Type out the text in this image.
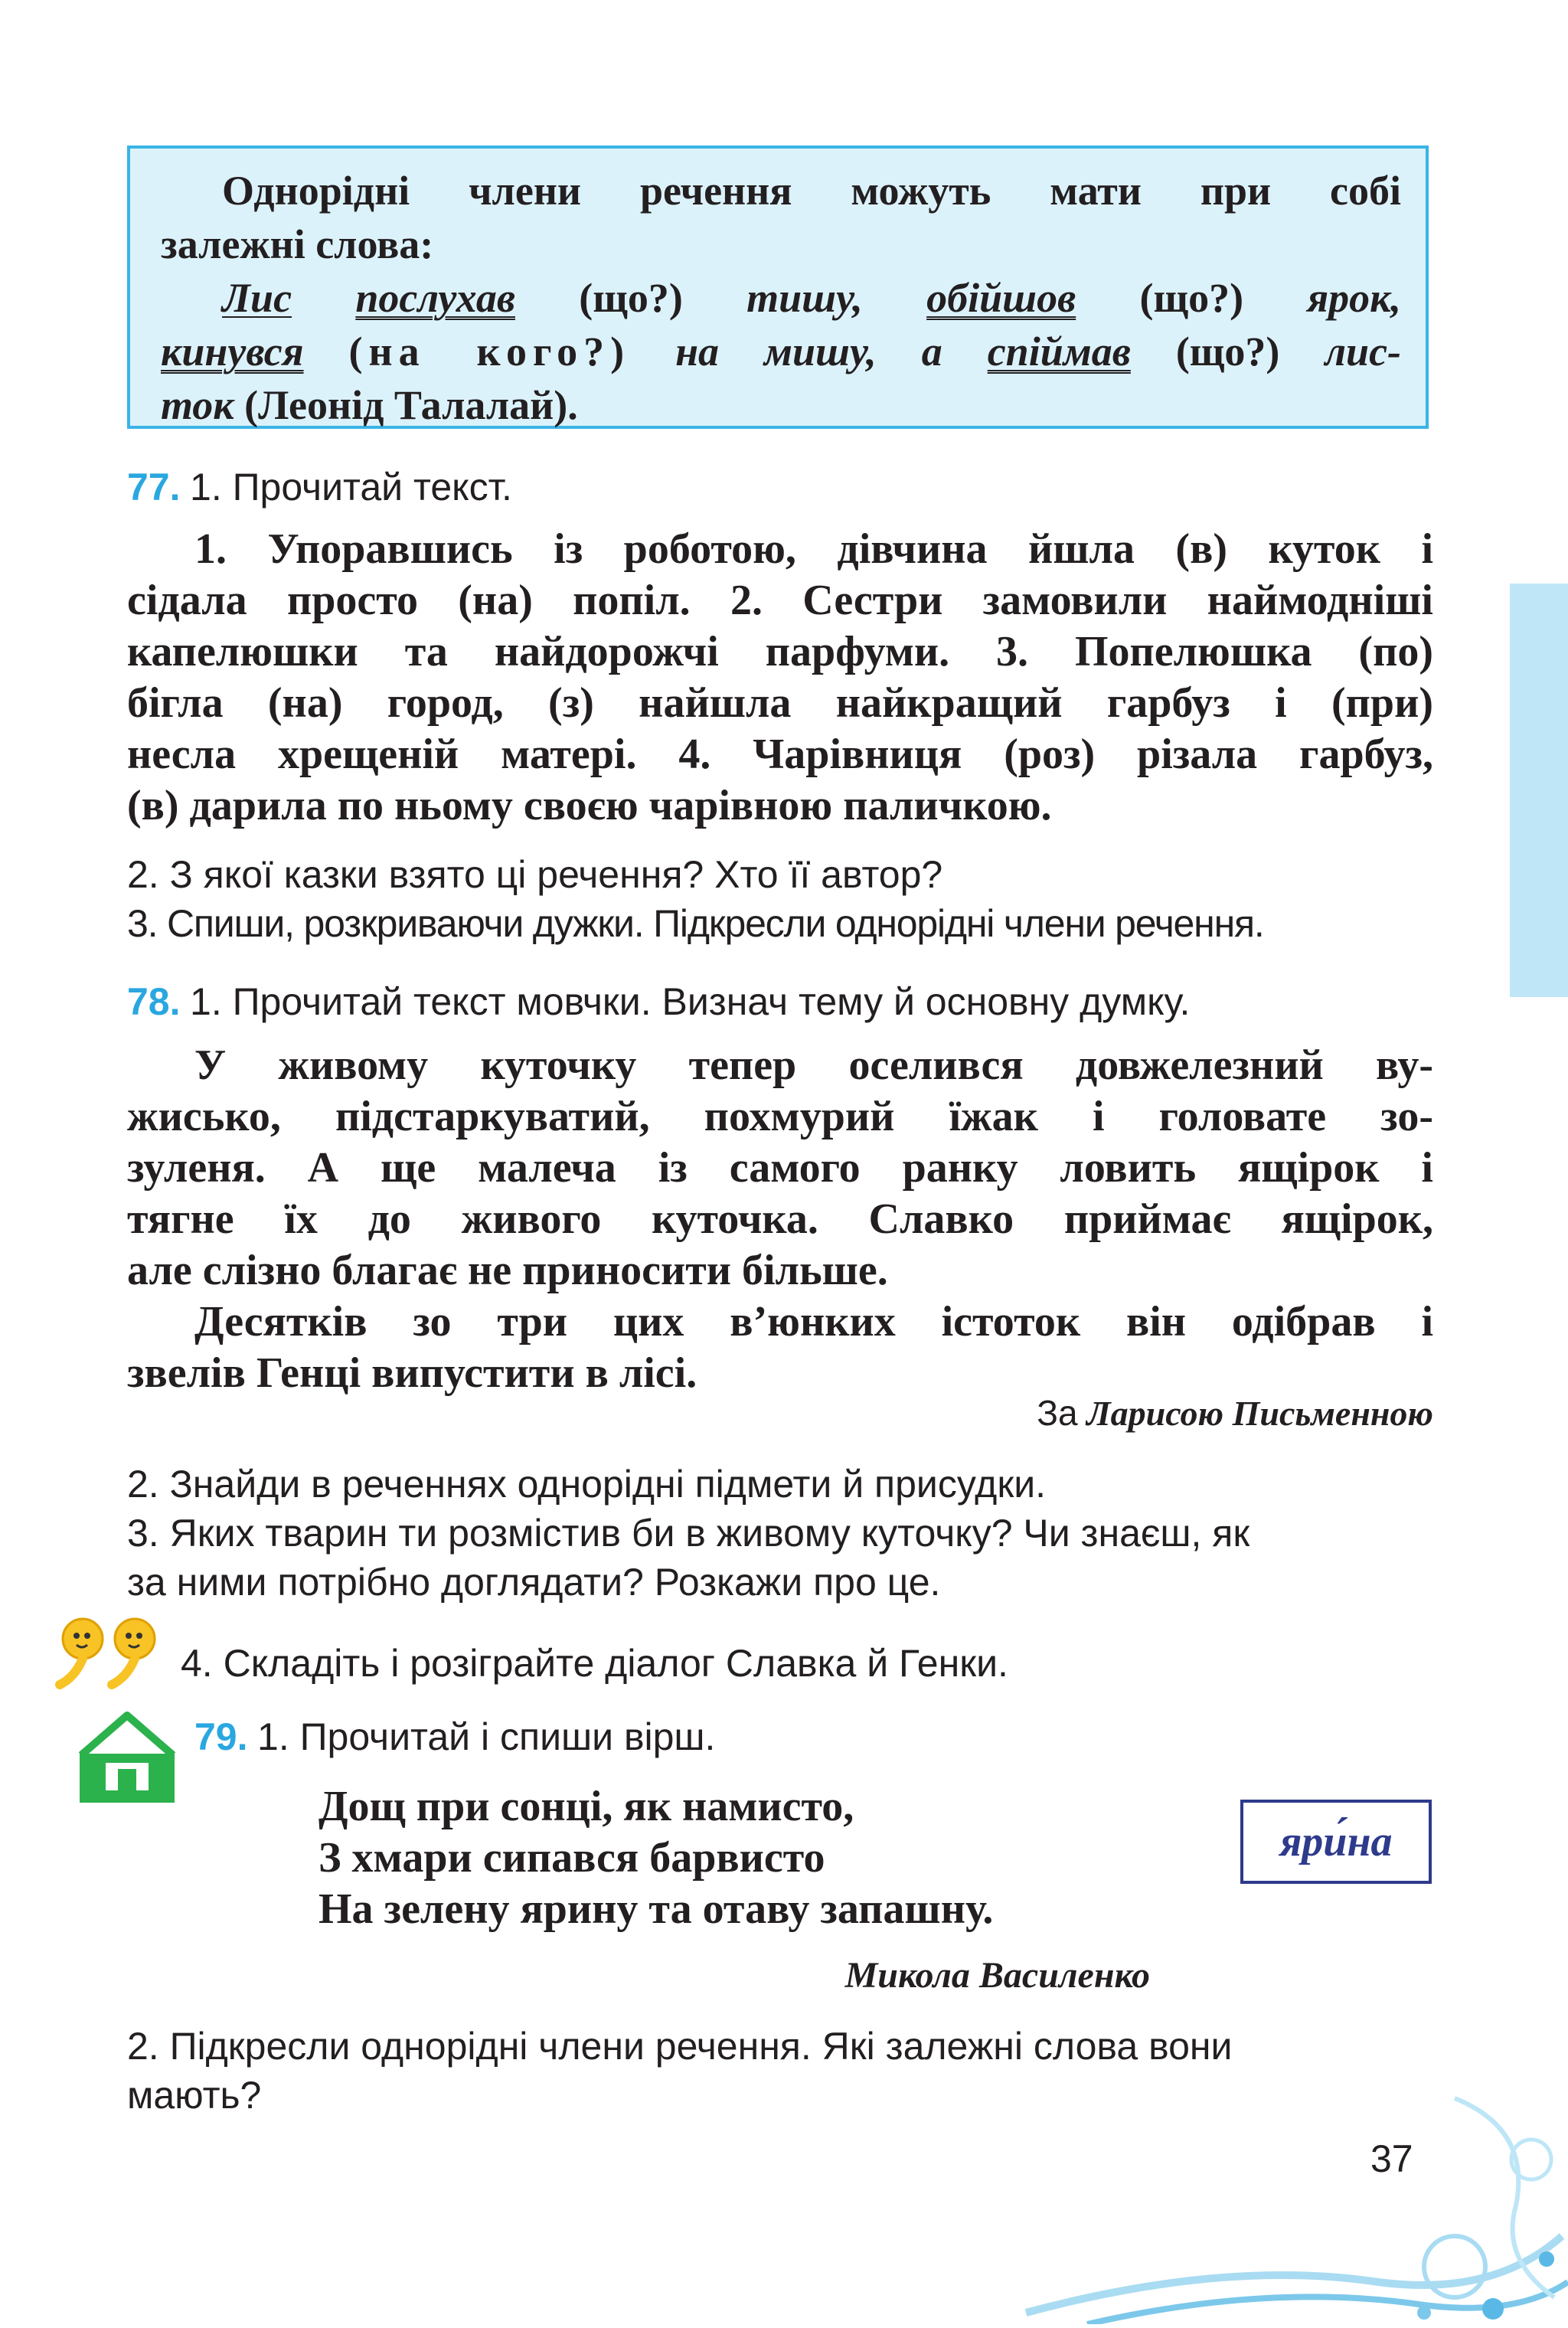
Однорідні члени речення можуть мати при собі
залежні слова:
Лис послухав (що?) тишу, обійшов (що?) ярок,
кинувся (на кого?) на мишу, а спіймав (що?) лис-
ток (Леонід Талалай).
77. 1. Прочитай текст.
1. Упоравшись із роботою, дівчина йшла (в) куток і
сідала просто (на) попіл. 2. Сестри замовили наймодніші
капелюшки та найдорожчі парфуми. 3. Попелюшка (по)
бігла (на) город, (з) найшла найкращий гарбуз і (при)
несла хрещеній матері. 4. Чарівниця (роз) різала гарбуз,
(в) дарила по ньому своєю чарівною паличкою.
2. З якої казки взято ці речення? Хто її автор?
3. Спиши, розкриваючи дужки. Підкресли однорідні члени речення.
78. 1. Прочитай текст мовчки. Визнач тему й основну думку.
У живому куточку тепер оселився довжелезний ву-
жисько, підстаркуватий, похмурий їжак і головате зо-
зуленя. А ще малеча із самого ранку ловить ящірок і
тягне їх до живого куточка. Славко приймає ящірок,
але слізно благає не приносити більше.
Десятків зо три цих в’юнких істоток він одібрав і
звелів Генці випустити в лісі.
За Ларисою Письменною
2. Знайди в реченнях однорідні підмети й присудки.
3. Яких тварин ти розмістив би в живому куточку? Чи знаєш, як
за ними потрібно доглядати? Розкажи про це.
4. Складіть і розіграйте діалог Славка й Генки.
79. 1. Прочитай і спиши вірш.
Дощ при сонці, як намисто,
З хмари сипався барвисто
На зелену ярину та отаву запашну.
Микола Василенко
яри́на
2. Підкресли однорідні члени речення. Які залежні слова вони
мають?
37
